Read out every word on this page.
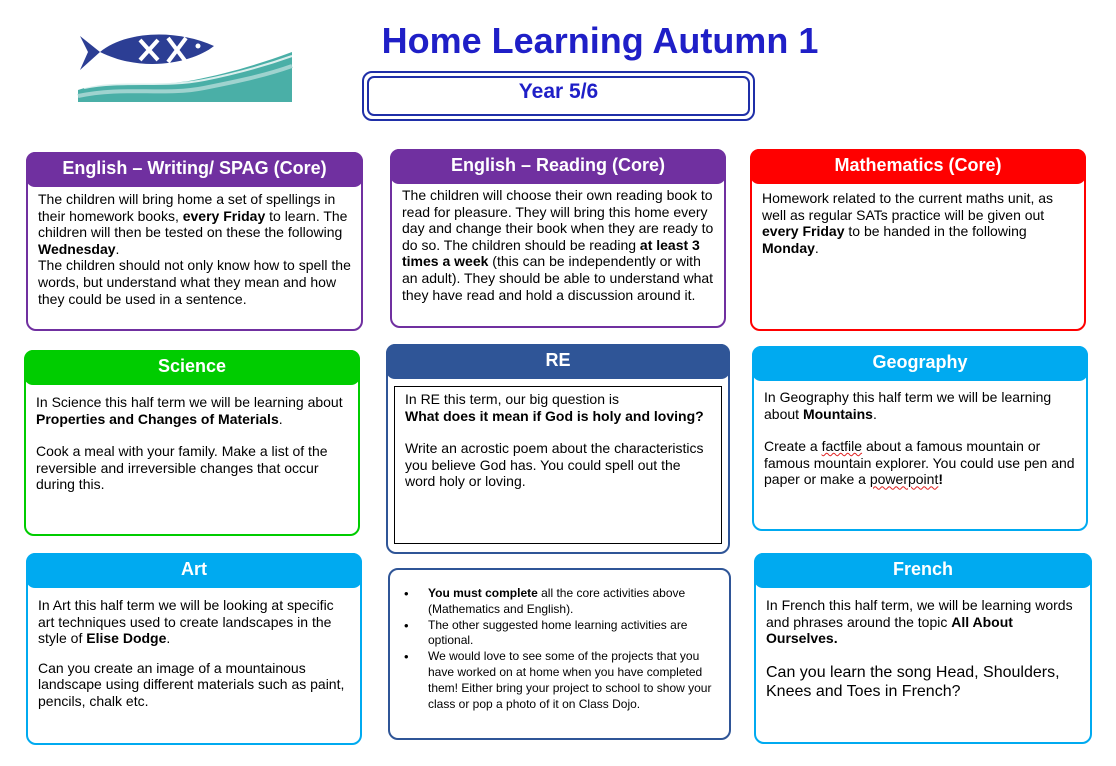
Home Learning Autumn 1
Year 5/6
English – Writing/ SPAG (Core)

The children will bring home a set of spellings in their homework books, every Friday to learn. The children will then be tested on these the following Wednesday.

The children should not only know how to spell the words, but understand what they mean and how they could be used in a sentence.

English – Reading (Core)

The children will choose their own reading book to read for pleasure. They will bring this home every day and change their book when they are ready to do so. The children should be reading at least 3 times a week (this can be independently or with an adult). They should be able to understand what they have read and hold a discussion around it.

Mathematics (Core)

Homework related to the current maths unit, as well as regular SATs practice will be given out every Friday to be handed in the following Monday.

Science

In Science this half term we will be learning about Properties and Changes of Materials.

Cook a meal with your family. Make a list of the reversible and irreversible changes that occur during this.

RE

In RE this term, our big question is

What does it mean if God is holy and loving?

Write an acrostic poem about the characteristics you believe God has. You could spell out the word holy or loving.

Geography

In Geography this half term we will be learning about Mountains.

Create a factfile about a famous mountain or famous mountain explorer. You could use pen and paper or make a powerpoint!

Art

In Art this half term we will be looking at specific art techniques used to create landscapes in the style of Elise Dodge.

Can you create an image of a mountainous landscape using different materials such as paint, pencils, chalk etc.

• You must complete all the core activities above (Mathematics and English).
• The other suggested home learning activities are optional.
• We would love to see some of the projects that you have worked on at home when you have completed them! Either bring your project to school to show your class or pop a photo of it on Class Dojo.
French

In French this half term, we will be learning words and phrases around the topic All About Ourselves.

Can you learn the song Head, Shoulders, Knees and Toes in French?
